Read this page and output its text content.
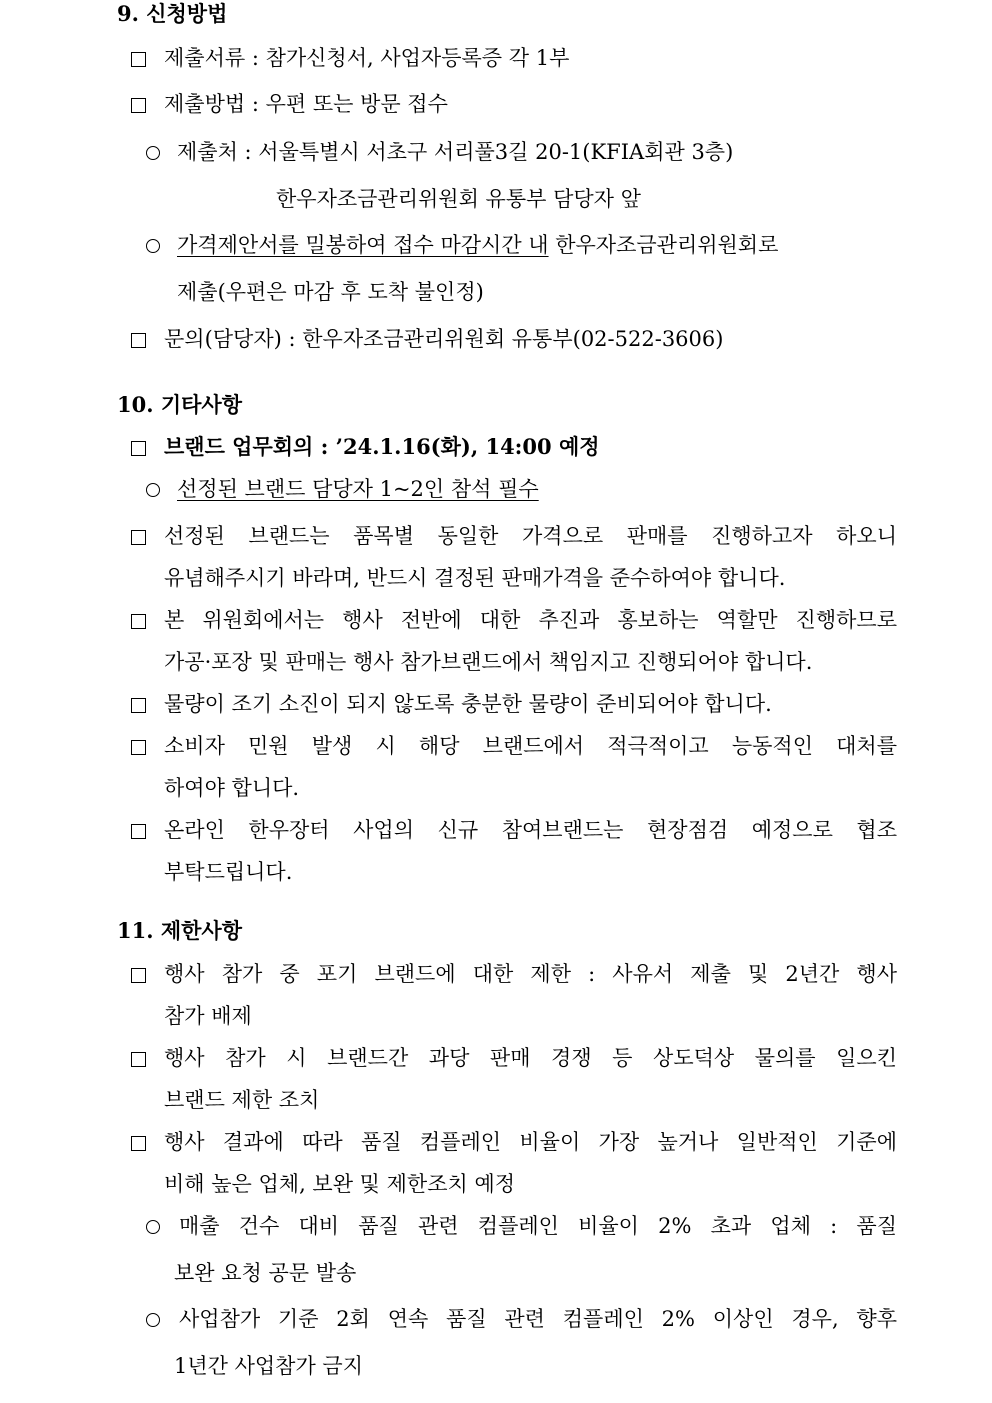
9. 신청방법
제출서류 : 참가신청서, 사업자등록증 각 1부
제출방법 : 우편 또는 방문 접수
제출처 : 서울특별시 서초구 서리풀3길 20-1(KFIA회관 3층)
한우자조금관리위원회 유통부 담당자 앞
가격제안서를 밀봉하여 접수 마감시간 내 한우자조금관리위원회로
제출(우편은 마감 후 도착 불인정)
문의(담당자) : 한우자조금관리위원회 유통부(02-522-3606)
10. 기타사항
브랜드 업무회의 : ’24.1.16(화), 14:00 예정
선정된 브랜드 담당자 1~2인 참석 필수
선정된 브랜드는 품목별 동일한 가격으로 판매를 진행하고자 하오니
유념해주시기 바라며, 반드시 결정된 판매가격을 준수하여야 합니다.
본 위원회에서는 행사 전반에 대한 추진과 홍보하는 역할만 진행하므로
가공·포장 및 판매는 행사 참가브랜드에서 책임지고 진행되어야 합니다.
물량이 조기 소진이 되지 않도록 충분한 물량이 준비되어야 합니다.
소비자 민원 발생 시 해당 브랜드에서 적극적이고 능동적인 대처를
하여야 합니다.
온라인 한우장터 사업의 신규 참여브랜드는 현장점검 예정으로 협조
부탁드립니다.
11. 제한사항
행사 참가 중 포기 브랜드에 대한 제한 : 사유서 제출 및 2년간 행사
참가 배제
행사 참가 시 브랜드간 과당 판매 경쟁 등 상도덕상 물의를 일으킨
브랜드 제한 조치
행사 결과에 따라 품질 컴플레인 비율이 가장 높거나 일반적인 기준에
비해 높은 업체, 보완 및 제한조치 예정
매출 건수 대비 품질 관련 컴플레인 비율이 2% 초과 업체 : 품질
보완 요청 공문 발송
사업참가 기준 2회 연속 품질 관련 컴플레인 2% 이상인 경우, 향후
1년간 사업참가 금지
